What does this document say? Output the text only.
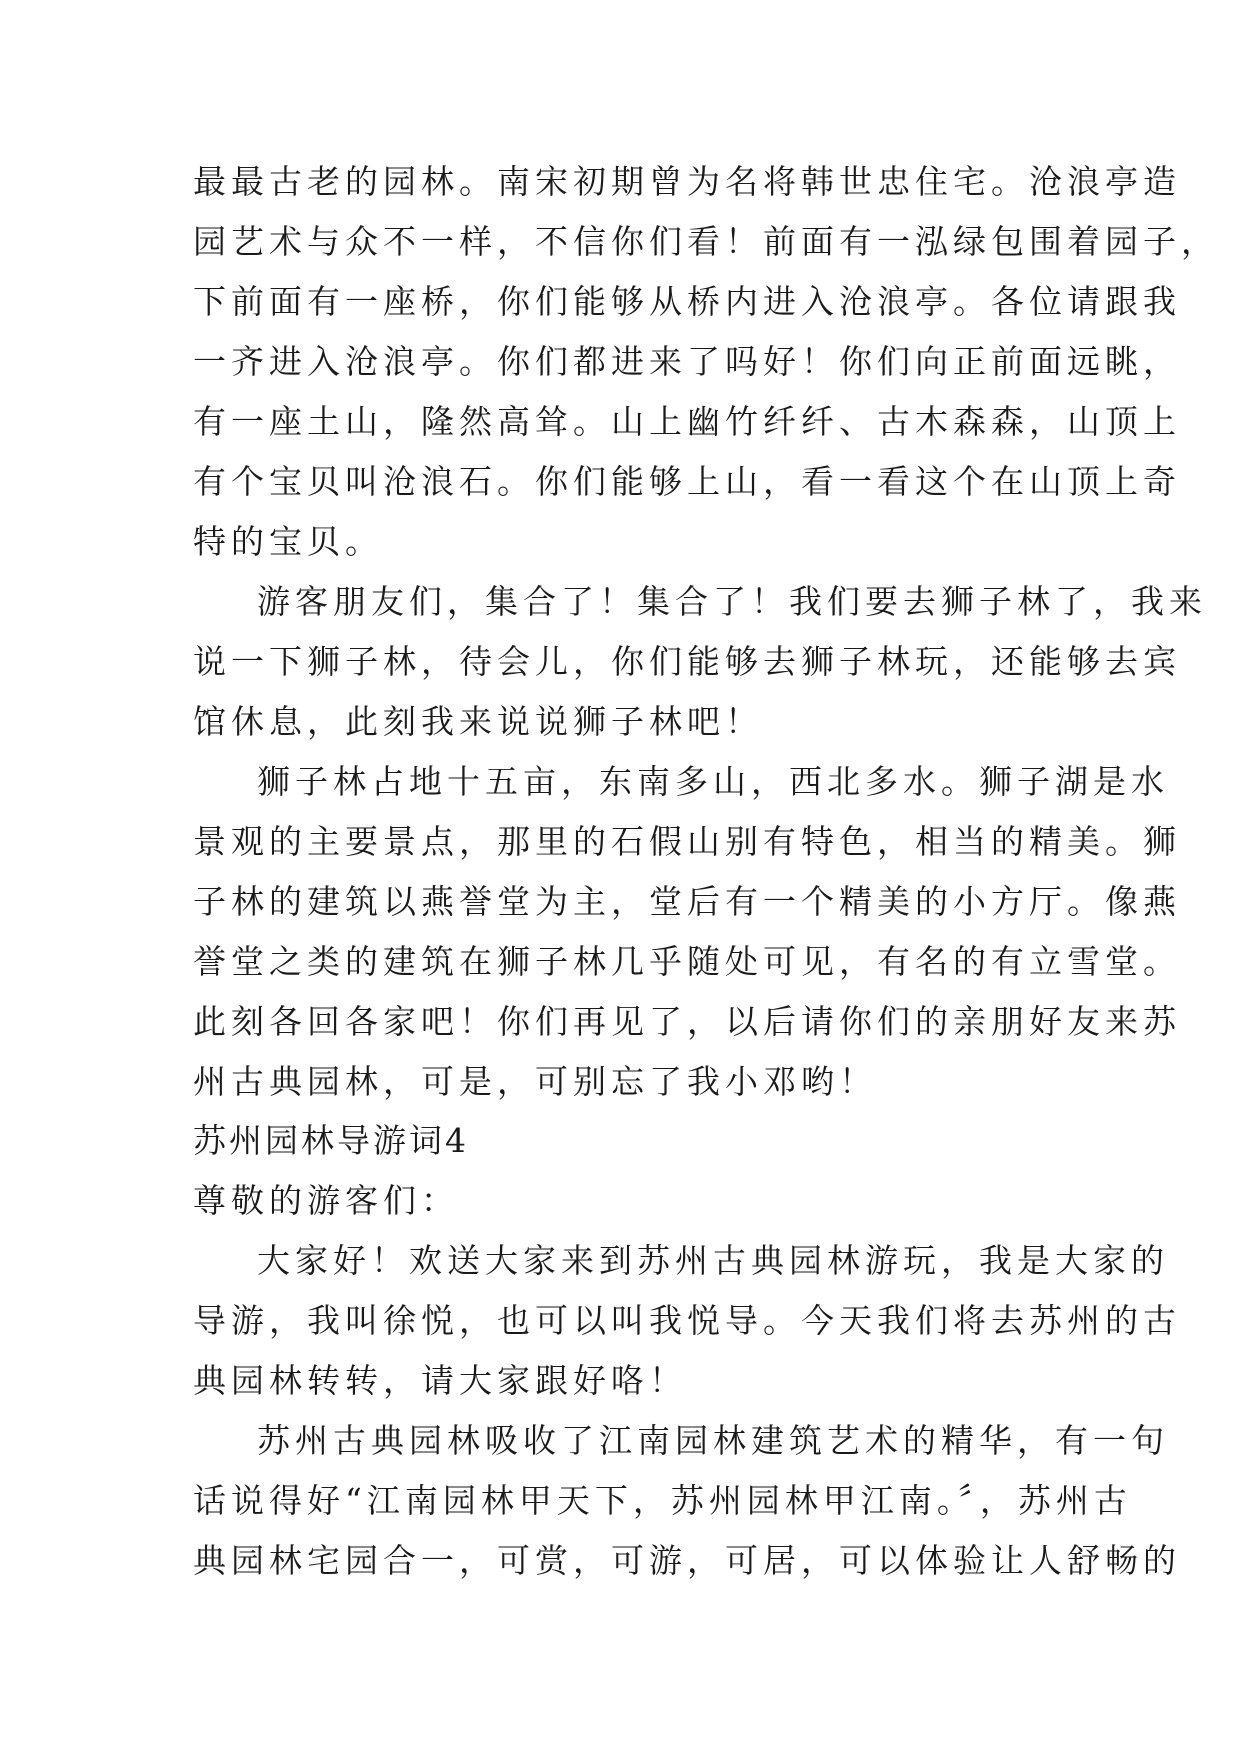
最最古老的园林。南宋初期曾为名将韩世忠住宅。沧浪亭造
园艺术与众不一样，不信你们看！前面有一泓绿包围着园子，
下前面有一座桥，你们能够从桥内进入沧浪亭。各位请跟我
一齐进入沧浪亭。你们都进来了吗好！你们向正前面远眺，
有一座土山，隆然高耸。山上幽竹纤纤、古木森森，山顶上
有个宝贝叫沧浪石。你们能够上山，看一看这个在山顶上奇
特的宝贝。
游客朋友们，集合了！集合了！我们要去狮子林了，我来
说一下狮子林，待会儿，你们能够去狮子林玩，还能够去宾
馆休息，此刻我来说说狮子林吧！
狮子林占地十五亩，东南多山，西北多水。狮子湖是水
景观的主要景点，那里的石假山别有特色，相当的精美。狮
子林的建筑以燕誉堂为主，堂后有一个精美的小方厅。像燕
誉堂之类的建筑在狮子林几乎随处可见，有名的有立雪堂。
此刻各回各家吧！你们再见了，以后请你们的亲朋好友来苏
州古典园林，可是，可别忘了我小邓哟！
苏州园林导游词4
尊敬的游客们：
大家好！欢送大家来到苏州古典园林游玩，我是大家的
导游，我叫徐悦，也可以叫我悦导。今天我们将去苏州的古
典园林转转，请大家跟好咯！
苏州古典园林吸收了江南园林建筑艺术的精华，有一句
话说得好“江南园林甲天下，苏州园林甲江南。〞，苏州古
典园林宅园合一，可赏，可游，可居，可以体验让人舒畅的
